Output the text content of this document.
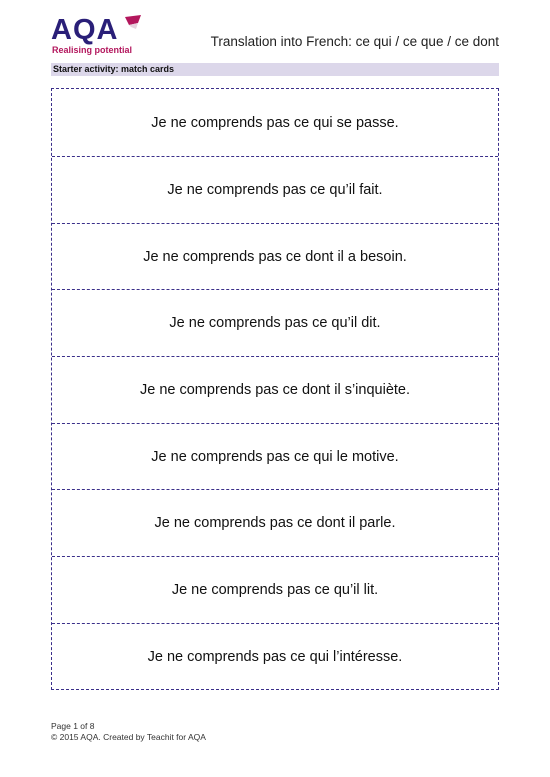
AQA
Realising potential
Translation into French: ce qui / ce que / ce dont
Starter activity: match cards
Je ne comprends pas ce qui se passe.
Je ne comprends pas ce qu’il fait.
Je ne comprends pas ce dont il a besoin.
Je ne comprends pas ce qu’il dit.
Je ne comprends pas ce dont il s’inquiète.
Je ne comprends pas ce qui le motive.
Je ne comprends pas ce dont il parle.
Je ne comprends pas ce qu’il lit.
Je ne comprends pas ce qui l’intéresse.
Page 1 of 8
© 2015 AQA. Created by Teachit for AQA
